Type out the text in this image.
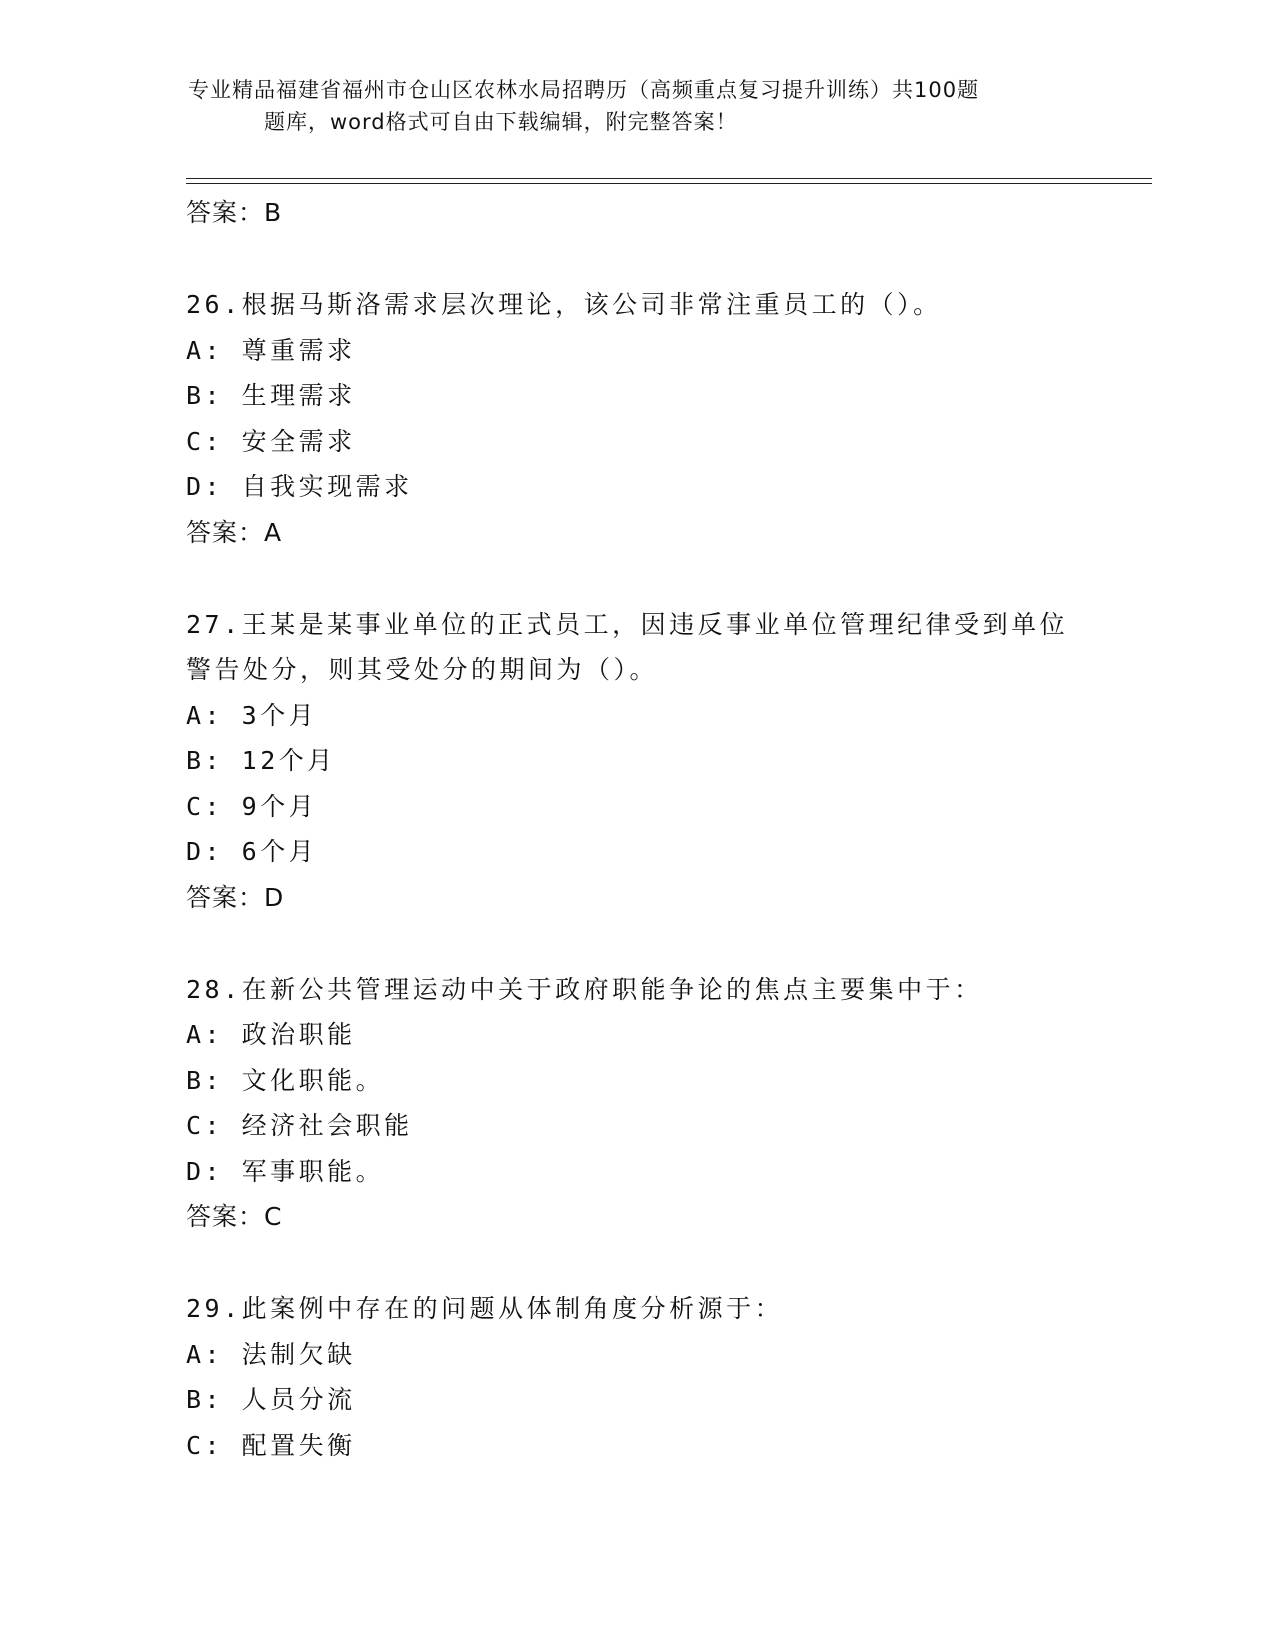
专业精品福建省福州市仓山区农林水局招聘历（高频重点复习提升训练）共100题
题库，word格式可自由下载编辑，附完整答案！
答案：B
26.根据马斯洛需求层次理论，该公司非常注重员工的（）。
A: 尊重需求
B: 生理需求
C: 安全需求
D: 自我实现需求
答案：A
27.王某是某事业单位的正式员工，因违反事业单位管理纪律受到单位警告处分，则其受处分的期间为（）。
A: 3个月
B: 12个月
C: 9个月
D: 6个月
答案：D
28.在新公共管理运动中关于政府职能争论的焦点主要集中于：
A: 政治职能
B: 文化职能。
C: 经济社会职能
D: 军事职能。
答案：C
29.此案例中存在的问题从体制角度分析源于：
A: 法制欠缺
B: 人员分流
C: 配置失衡
